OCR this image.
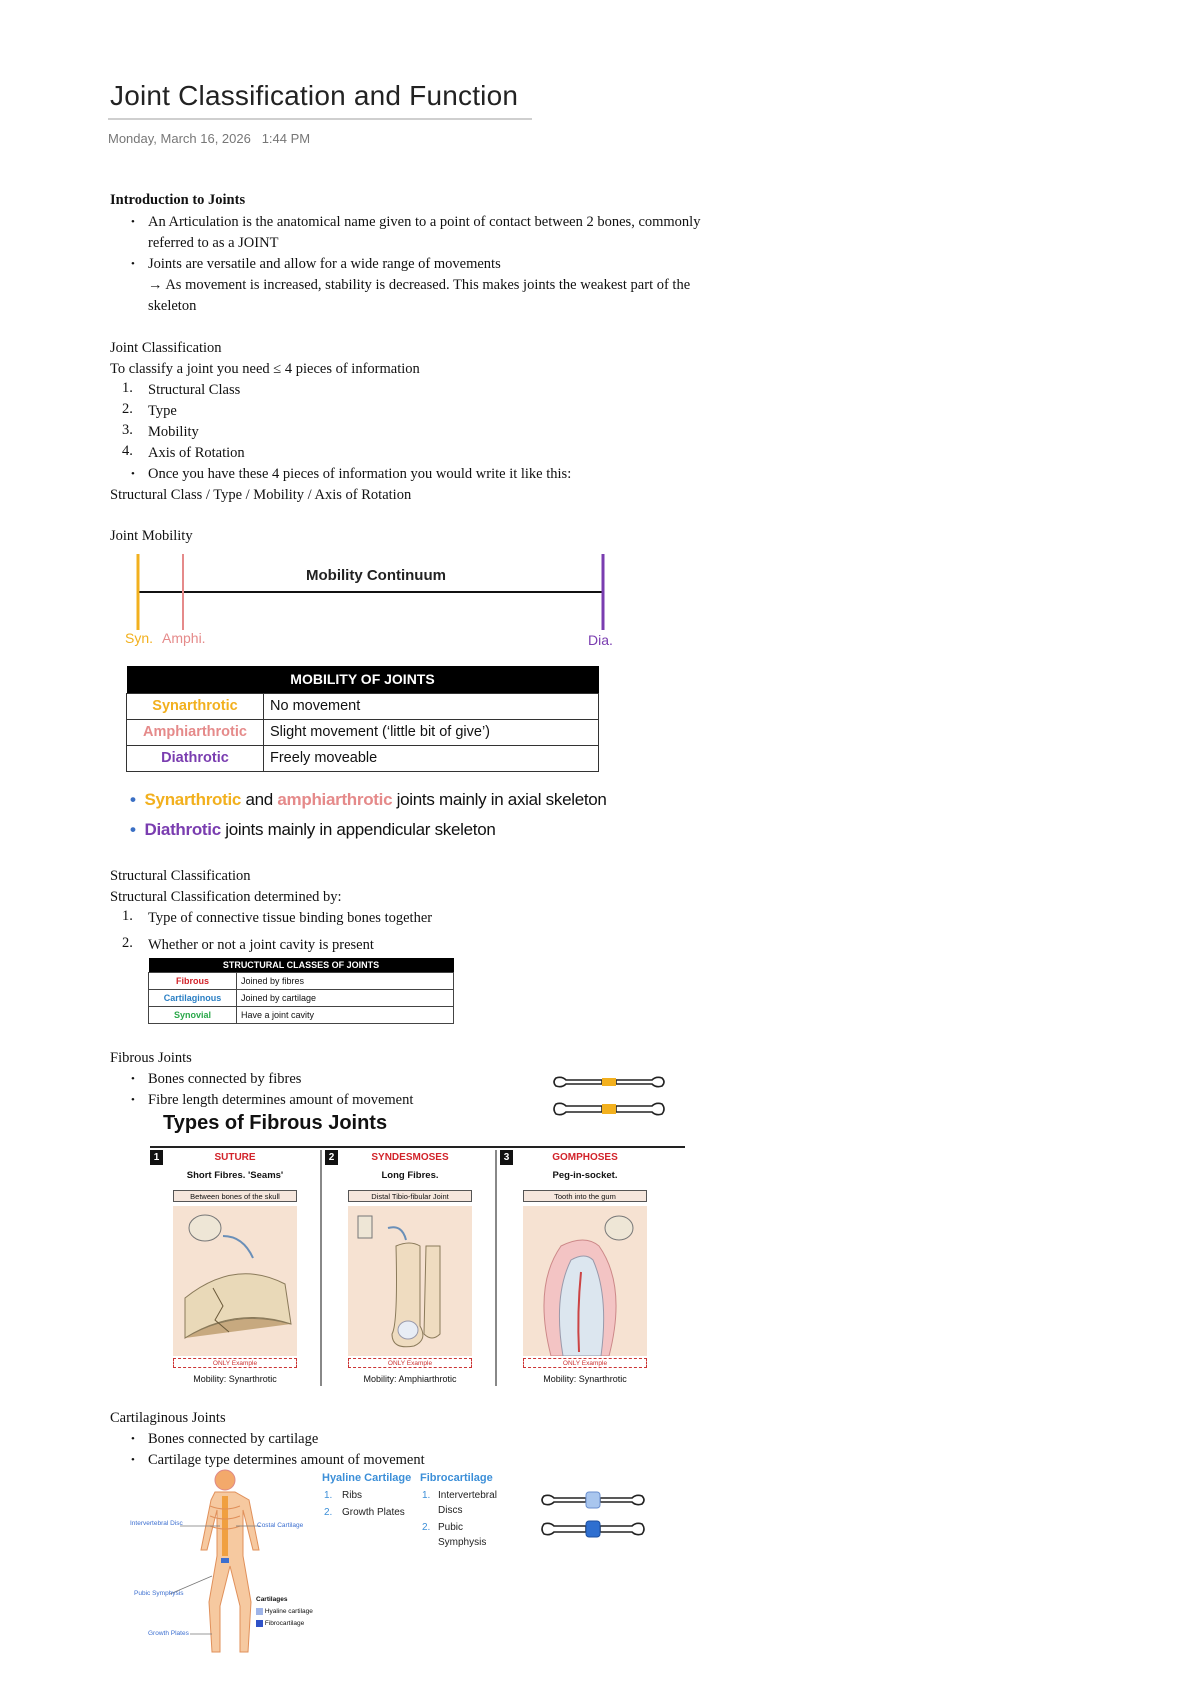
Joint Classification and Function
Monday, March 16, 2026 1:44 PM
Introduction to Joints
• An Articulation is the anatomical name given to a point of contact between 2 bones, commonly
referred to as a JOINT
• Joints are versatile and allow for a wide range of movements
→ As movement is increased, stability is decreased. This makes joints the weakest part of the
skeleton
Joint Classification
To classify a joint you need ≤ 4 pieces of information
1. Structural Class
2. Type
3. Mobility
4. Axis of Rotation
• Once you have these 4 pieces of information you would write it like this:
Structural Class / Type / Mobility / Axis of Rotation
Joint Mobility
Mobility Continuum
Syn. Amphi.	Dia.
MOBILITY OF JOINTS	
Synarthrotic	No movement
Amphiarthrotic	Slight movement (‘little bit of give’)
Diathrotic	Freely moveable
• Synarthrotic and amphiarthrotic joints mainly in axial skeleton
• Diathrotic joints mainly in appendicular skeleton
Structural Classification
Structural Classification determined by:
1. Type of connective tissue binding bones together
2. Whether or not a joint cavity is present
STRUCTURAL CLASSES OF JOINTS	
Fibrous	Joined by fibres
Cartilaginous	Joined by cartilage
Synovial	Have a joint cavity
Fibrous Joints
• Bones connected by fibres
• Fibre length determines amount of movement
Types of Fibrous Joints
1	SUTURE
Short Fibres. 'Seams'
Between bones of the skull
ONLY Example
Mobility: Synarthrotic
2	SYNDESMOSES
Long Fibres.
Distal Tibio-fibular Joint
ONLY Example
Mobility: Amphiarthrotic
3	GOMPHOSES
Peg-in-socket.
Tooth into the gum
ONLY Example
Mobility: Synarthrotic
Cartilaginous Joints
• Bones connected by cartilage
• Cartilage type determines amount of movement
Intervertebral Disc	Costal Cartilage
Pubic Symphysis
Growth Plates
Cartilages
Hyaline cartilage
Fibrocartilage
Hyaline Cartilage
1. Ribs
2. Growth Plates
Fibrocartilage
1. Intervertebral
Discs
2. Pubic
Symphysis
